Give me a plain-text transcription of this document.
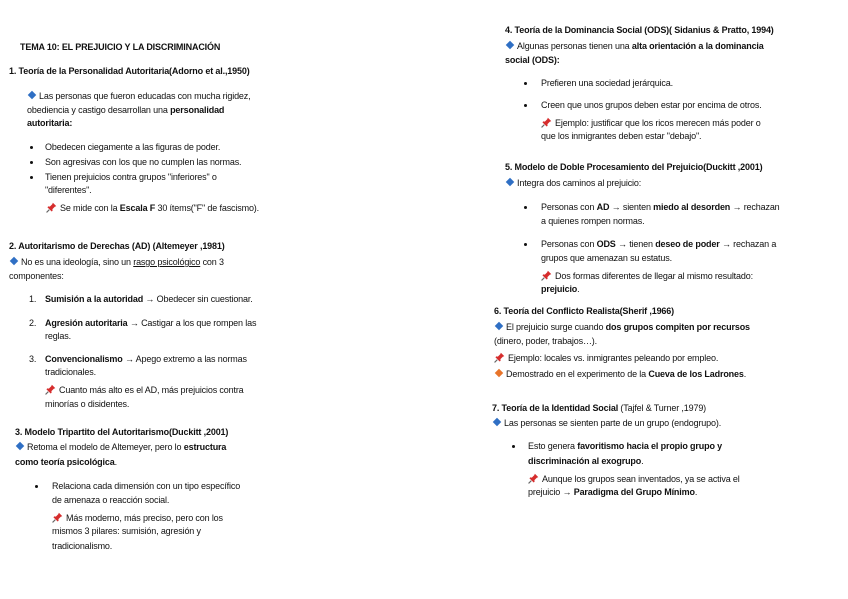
TEMA 10: EL PREJUICIO Y LA DISCRIMINACIÓN
1. Teoría de la Personalidad Autoritaria(Adorno et al.,1950)
Las personas que fueron educadas con mucha rigidez,
obediencia y castigo desarrollan una personalidad
autoritaria:
Obedecen ciegamente a las figuras de poder.
Son agresivas con los que no cumplen las normas.
Tienen prejuicios contra grupos "inferiores" o
"diferentes".
Se mide con la Escala F 30 ítems("F" de fascismo).
2. Autoritarismo de Derechas (AD) (Altemeyer ,1981)
No es una ideología, sino un rasgo psicológico con 3
componentes:
1. Sumisión a la autoridad → Obedecer sin cuestionar.
2. Agresión autoritaria → Castigar a los que rompen las
reglas.
3. Convencionalismo → Apego extremo a las normas
tradicionales.
Cuanto más alto es el AD, más prejuicios contra
minorías o disidentes.
3. Modelo Tripartito del Autoritarismo(Duckitt ,2001)
Retoma el modelo de Altemeyer, pero lo estructura
como teoría psicológica.
Relaciona cada dimensión con un tipo específico
de amenaza o reacción social.
Más moderno, más preciso, pero con los
mismos 3 pilares: sumisión, agresión y
tradicionalismo.
4. Teoría de la Dominancia Social (ODS)( Sidanius & Pratto, 1994)
Algunas personas tienen una alta orientación a la dominancia
social (ODS):
Prefieren una sociedad jerárquica.
Creen que unos grupos deben estar por encima de otros.
Ejemplo: justificar que los ricos merecen más poder o
que los inmigrantes deben estar "debajo".
5. Modelo de Doble Procesamiento del Prejuicio(Duckitt ,2001)
Integra dos caminos al prejuicio:
Personas con AD → sienten miedo al desorden → rechazan
a quienes rompen normas.
Personas con ODS → tienen deseo de poder → rechazan a
grupos que amenazan su estatus.
Dos formas diferentes de llegar al mismo resultado:
prejuicio.
6. Teoría del Conflicto Realista(Sherif ,1966)
El prejuicio surge cuando dos grupos compiten por recursos
(dinero, poder, trabajos…).
Ejemplo: locales vs. inmigrantes peleando por empleo.
Demostrado en el experimento de la Cueva de los Ladrones.
7. Teoría de la Identidad Social (Tajfel & Turner ,1979)
Las personas se sienten parte de un grupo (endogrupo).
Esto genera favoritismo hacia el propio grupo y
discriminación al exogrupo.
Aunque los grupos sean inventados, ya se activa el
prejuicio → Paradigma del Grupo Mínimo.
